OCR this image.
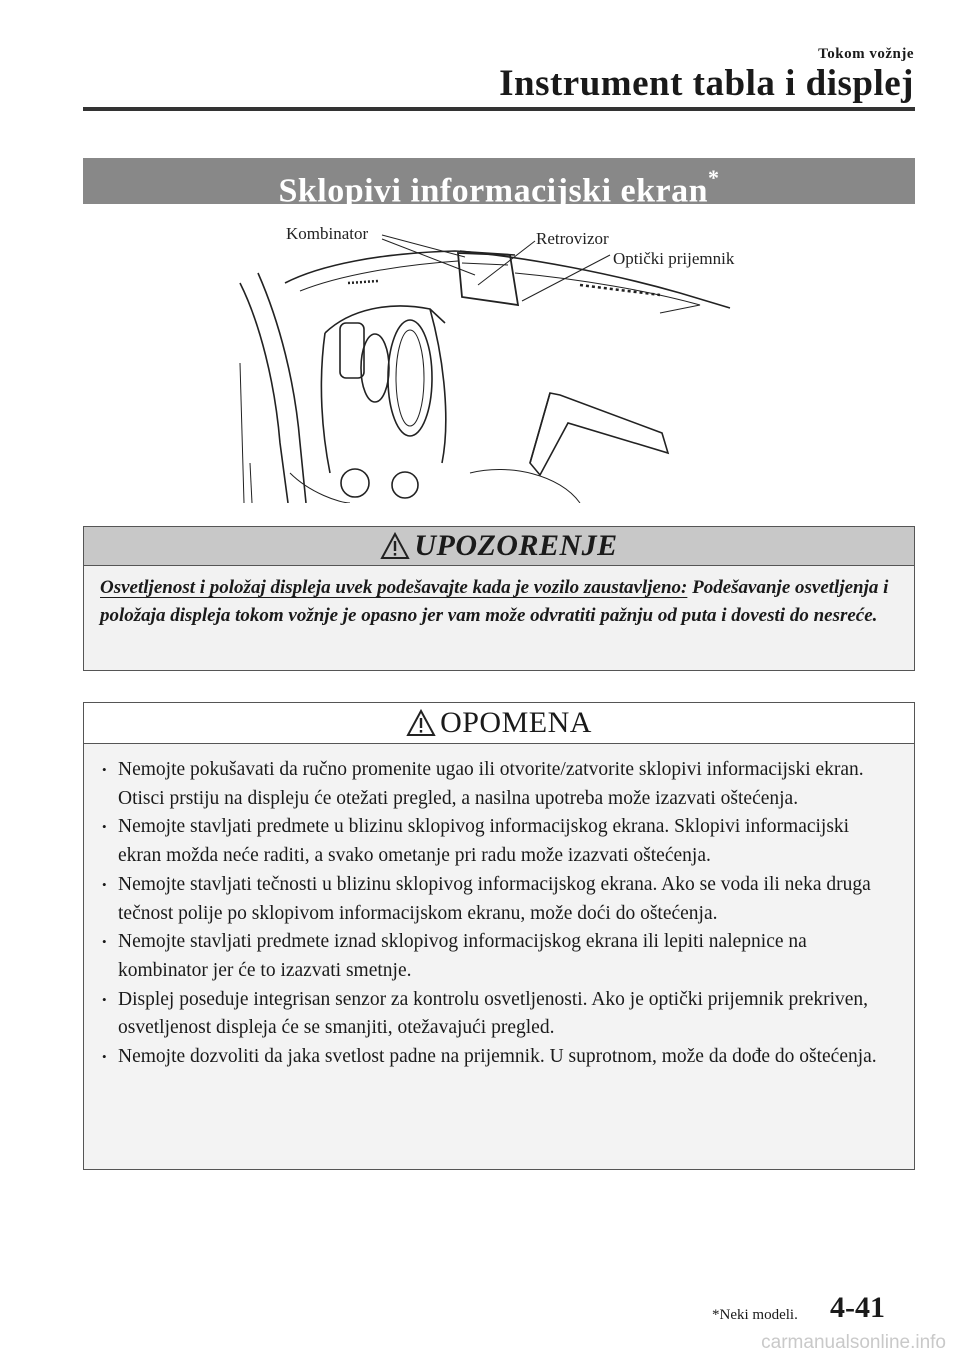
Tokom vožnje
Instrument tabla i displej
Sklopivi informacijski ekran*
Kombinator	Retrovizor
Optički prijemnik
UPOZORENJE
Osvetljenost i položaj displeja uvek podešavajte kada je vozilo zaustavljeno: Podešavanje osvetljenja i položaja displeja tokom vožnje je opasno jer vam može odvratiti pažnju od puta i dovesti do nesreće.
OPOMENA
• Nemojte pokušavati da ručno promenite ugao ili otvorite/zatvorite sklopivi informacijski ekran. Otisci prstiju na displeju će otežati pregled, a nasilna upotreba može izazvati oštećenja.
• Nemojte stavljati predmete u blizinu sklopivog informacijskog ekrana. Sklopivi informacijski ekran možda neće raditi, a svako ometanje pri radu može izazvati oštećenja.
• Nemojte stavljati tečnosti u blizinu sklopivog informacijskog ekrana. Ako se voda ili neka druga tečnost polije po sklopivom informacijskom ekranu, može doći do oštećenja.
• Nemojte stavljati predmete iznad sklopivog informacijskog ekrana ili lepiti nalepnice na kombinator jer će to izazvati smetnje.
• Displej poseduje integrisan senzor za kontrolu osvetljenosti. Ako je optički prijemnik prekriven, osvetljenost displeja će se smanjiti, otežavajući pregled.
• Nemojte dozvoliti da jaka svetlost padne na prijemnik. U suprotnom, može da dođe do oštećenja.
*Neki modeli. 4-41
carmanualsonline.info
